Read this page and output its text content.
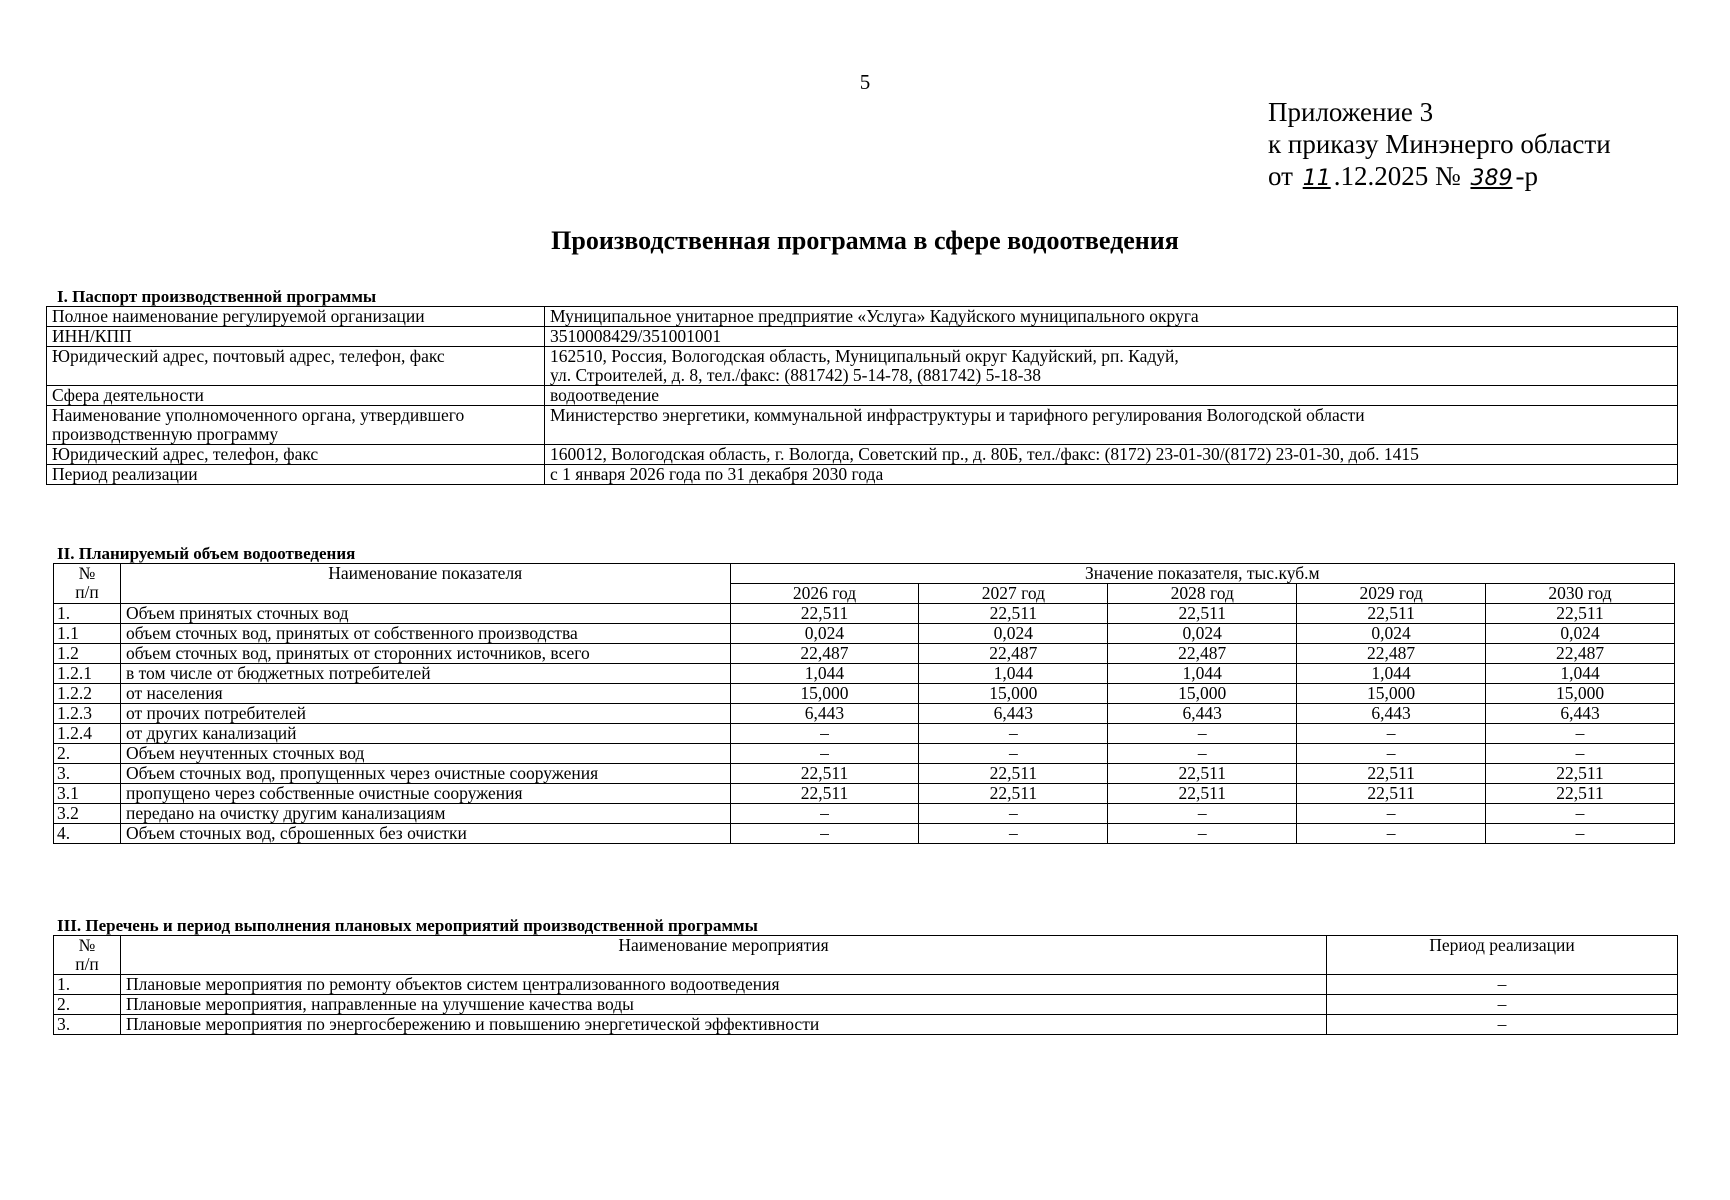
5
Приложение 3
к приказу Минэнерго области
от 11 .12.2025 № 389 -р
Производственная программа в сфере водоотведения
I. Паспорт производственной программы
Полное наименование регулируемой организации	Муниципальное унитарное предприятие «Услуга» Кадуйского муниципального округа
ИНН/КПП	3510008429/351001001
Юридический адрес, почтовый адрес, телефон, факс	162510, Россия, Вологодская область, Муниципальный округ Кадуйский, рп. Кадуй,
ул. Строителей, д. 8, тел./факс: (881742) 5-14-78, (881742) 5-18-38

Сфера деятельности	водоотведение

Наименование уполномоченного органа, утвердившего
производственную программу	Министерство энергетики, коммунальной инфраструктуры и тарифного регулирования Вологодской области
Юридический адрес, телефон, факс	160012, Вологодская область, г. Вологда, Советский пр., д. 80Б, тел./факс: (8172) 23-01-30/(8172) 23-01-30, доб. 1415
Период реализации	с 1 января 2026 года по 31 декабря 2030 года
II. Планируемый объем водоотведения
№
п/п	Наименование показателя	Значение показателя, тыс.куб.м				
		2026 год	2027 год	2028 год	2029 год	2030 год
1.	Объем принятых сточных вод	22,511	22,511	22,511	22,511	22,511
1.1	объем сточных вод, принятых от собственного производства	0,024	0,024	0,024	0,024	0,024
1.2	объем сточных вод, принятых от сторонних источников, всего	22,487	22,487	22,487	22,487	22,487
1.2.1	в том числе от бюджетных потребителей	1,044	1,044	1,044	1,044	1,044
1.2.2	от населения	15,000	15,000	15,000	15,000	15,000
1.2.3	от прочих потребителей	6,443	6,443	6,443	6,443	6,443
1.2.4	от других канализаций	–	–	–	–	–
2.	Объем неучтенных сточных вод	–	–	–	–	–
3.	Объем сточных вод, пропущенных через очистные сооружения	22,511	22,511	22,511	22,511	22,511
3.1	пропущено через собственные очистные сооружения	22,511	22,511	22,511	22,511	22,511
3.2	передано на очистку другим канализациям	–	–	–	–	–
4.	Объем сточных вод, сброшенных без очистки	–	–	–	–	–
III. Перечень и период выполнения плановых мероприятий производственной программы
№
п/п	Наименование мероприятия	Период реализации
1.	Плановые мероприятия по ремонту объектов систем централизованного водоотведения	–
2.	Плановые мероприятия, направленные на улучшение качества воды	–
3.	Плановые мероприятия по энергосбережению и повышению энергетической эффективности	–
